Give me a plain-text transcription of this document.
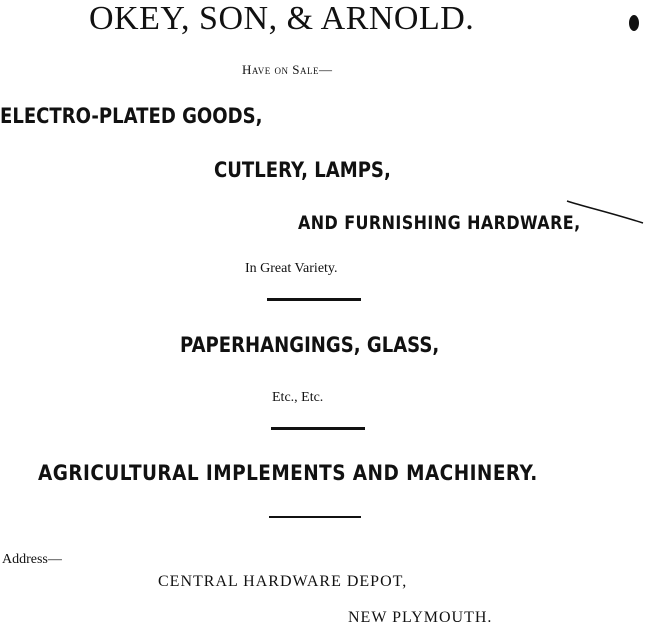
OKEY, SON, & ARNOLD.

Have on Sale—

ELECTRO-PLATED GOODS,

CUTLERY, LAMPS,

AND FURNISHING HARDWARE,

In Great Variety.

PAPERHANGINGS, GLASS,

Etc., Etc.

AGRICULTURAL IMPLEMENTS AND MACHINERY.

Address—

CENTRAL HARDWARE DEPOT,

NEW PLYMOUTH.
